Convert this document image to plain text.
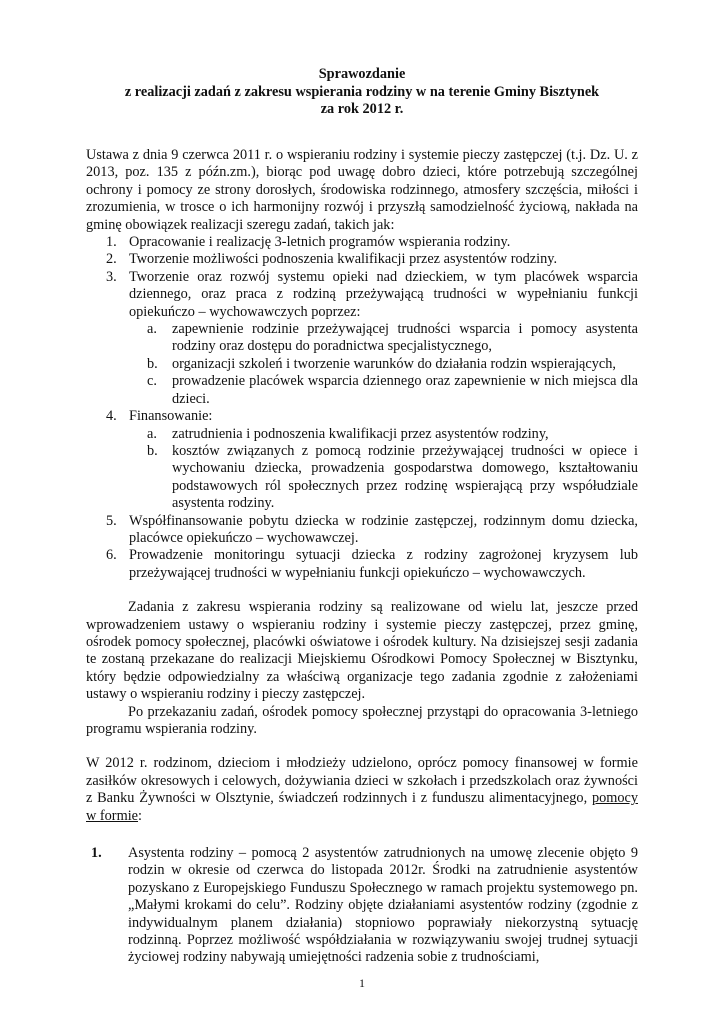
Sprawozdanie
z realizacji zadań z zakresu wspierania rodziny w na terenie Gminy Bisztynek
za rok 2012 r.

Ustawa z dnia 9 czerwca 2011 r. o wspieraniu rodziny i systemie pieczy zastępczej (t.j. Dz. U. z 2013, poz. 135 z późn.zm.), biorąc pod uwagę dobro dzieci, które potrzebują szczególnej ochrony i pomocy ze strony dorosłych, środowiska rodzinnego, atmosfery szczęścia, miłości i zrozumienia, w trosce o ich harmonijny rozwój i przyszłą samodzielność życiową, nakłada na gminę obowiązek realizacji szeregu zadań, takich jak:

1. Opracowanie i realizację 3-letnich programów wspierania rodziny.
2. Tworzenie możliwości podnoszenia kwalifikacji przez asystentów rodziny.
3. Tworzenie oraz rozwój systemu opieki nad dzieckiem, w tym placówek wsparcia dziennego, oraz praca z rodziną przeżywającą trudności w wypełnianiu funkcji opiekuńczo – wychowawczych poprzez:
a. zapewnienie rodzinie przeżywającej trudności wsparcia i pomocy asystenta rodziny oraz dostępu do poradnictwa specjalistycznego,
b. organizacji szkoleń i tworzenie warunków do działania rodzin wspierających,
c. prowadzenie placówek wsparcia dziennego oraz zapewnienie w nich miejsca dla dzieci.
4. Finansowanie:
a. zatrudnienia i podnoszenia kwalifikacji przez asystentów rodziny,
b. kosztów związanych z pomocą rodzinie przeżywającej trudności w opiece i wychowaniu dziecka, prowadzenia gospodarstwa domowego, kształtowaniu podstawowych ról społecznych przez rodzinę wspierającą przy współudziale asystenta rodziny.
5. Współfinansowanie pobytu dziecka w rodzinie zastępczej, rodzinnym domu dziecka, placówce opiekuńczo – wychowawczej.
6. Prowadzenie monitoringu sytuacji dziecka z rodziny zagrożonej kryzysem lub przeżywającej trudności w wypełnianiu funkcji opiekuńczo – wychowawczych.

Zadania z zakresu wspierania rodziny są realizowane od wielu lat, jeszcze przed wprowadzeniem ustawy o wspieraniu rodziny i systemie pieczy zastępczej, przez gminę, ośrodek pomocy społecznej, placówki oświatowe i ośrodek kultury. Na dzisiejszej sesji zadania te zostaną przekazane do realizacji Miejskiemu Ośrodkowi Pomocy Społecznej w Bisztynku, który będzie odpowiedzialny za właściwą organizacje tego zadania zgodnie z założeniami ustawy o wspieraniu rodziny i pieczy zastępczej.

Po przekazaniu zadań, ośrodek pomocy społecznej przystąpi do opracowania 3-letniego programu wspierania rodziny.

W 2012 r. rodzinom, dzieciom i młodzieży udzielono, oprócz pomocy finansowej w formie zasiłków okresowych i celowych, dożywiania dzieci w szkołach i przedszkolach oraz żywności z Banku Żywności w Olsztynie, świadczeń rodzinnych i z funduszu alimentacyjnego, pomocy w formie:

1. Asystenta rodziny – pomocą 2 asystentów zatrudnionych na umowę zlecenie objęto 9 rodzin w okresie od czerwca do listopada 2012r. Środki na zatrudnienie asystentów pozyskano z Europejskiego Funduszu Społecznego w ramach projektu systemowego pn. „Małymi krokami do celu”. Rodziny objęte działaniami asystentów rodziny (zgodnie z indywidualnym planem działania) stopniowo poprawiały niekorzystną sytuację rodzinną. Poprzez możliwość współdziałania w rozwiązywaniu swojej trudnej sytuacji życiowej rodziny nabywają umiejętności radzenia sobie z trudnościami,
1
